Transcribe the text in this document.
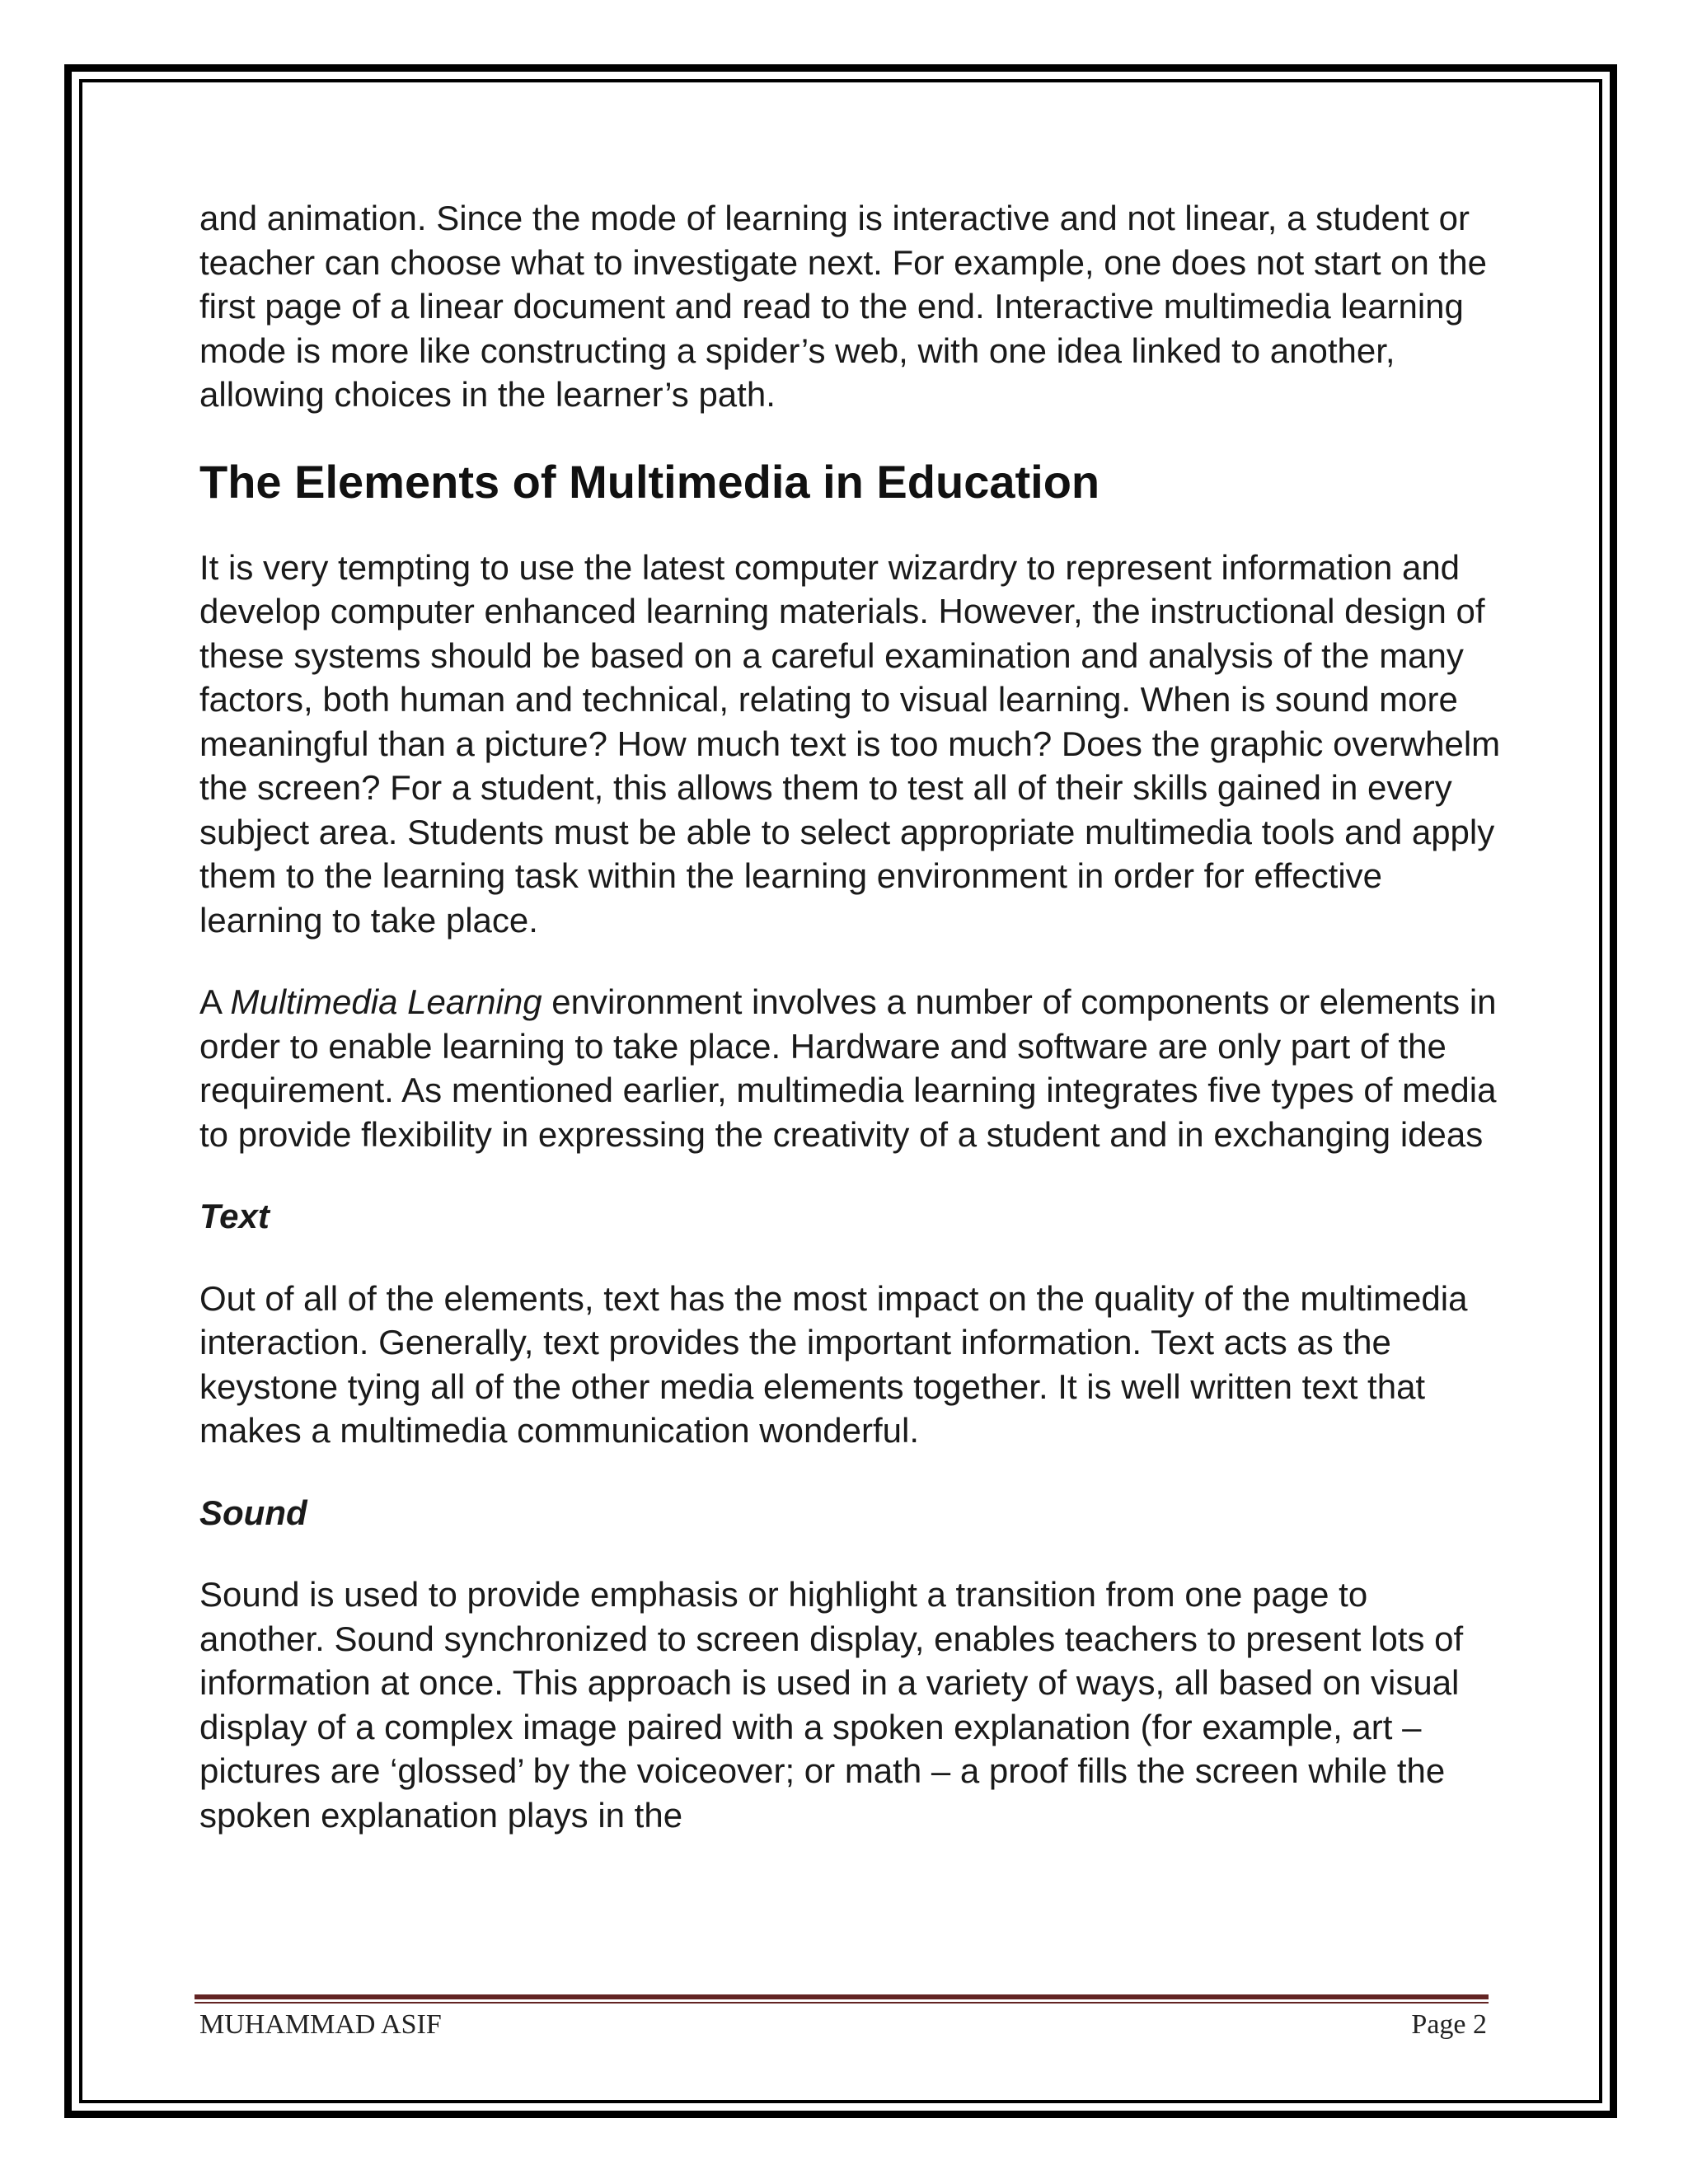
and animation. Since the mode of learning is interactive and not linear, a student or teacher can choose what to investigate next. For example, one does not start on the first page of a linear document and read to the end. Interactive multimedia learning mode is more like constructing a spider’s web, with one idea linked to another, allowing choices in the learner’s path.

The Elements of Multimedia in Education

It is very tempting to use the latest computer wizardry to represent information and develop computer enhanced learning materials. However, the instructional design of these systems should be based on a careful examination and analysis of the many factors, both human and technical, relating to visual learning. When is sound more meaningful than a picture? How much text is too much? Does the graphic overwhelm the screen? For a student, this allows them to test all of their skills gained in every subject area. Students must be able to select appropriate multimedia tools and apply them to the learning task within the learning environment in order for effective learning to take place.

A Multimedia Learning environment involves a number of components or elements in order to enable learning to take place. Hardware and software are only part of the requirement. As mentioned earlier, multimedia learning integrates five types of media to provide flexibility in expressing the creativity of a student and in exchanging ideas

Text

Out of all of the elements, text has the most impact on the quality of the multimedia interaction. Generally, text provides the important information. Text acts as the keystone tying all of the other media elements together. It is well written text that makes a multimedia communication wonderful.

Sound

Sound is used to provide emphasis or highlight a transition from one page to another. Sound synchronized to screen display, enables teachers to present lots of information at once. This approach is used in a variety of ways, all based on visual display of a complex image paired with a spoken explanation (for example, art – pictures are ‘glossed’ by the voiceover; or math – a proof fills the screen while the spoken explanation plays in the

MUHAMMAD ASIF	Page 2
